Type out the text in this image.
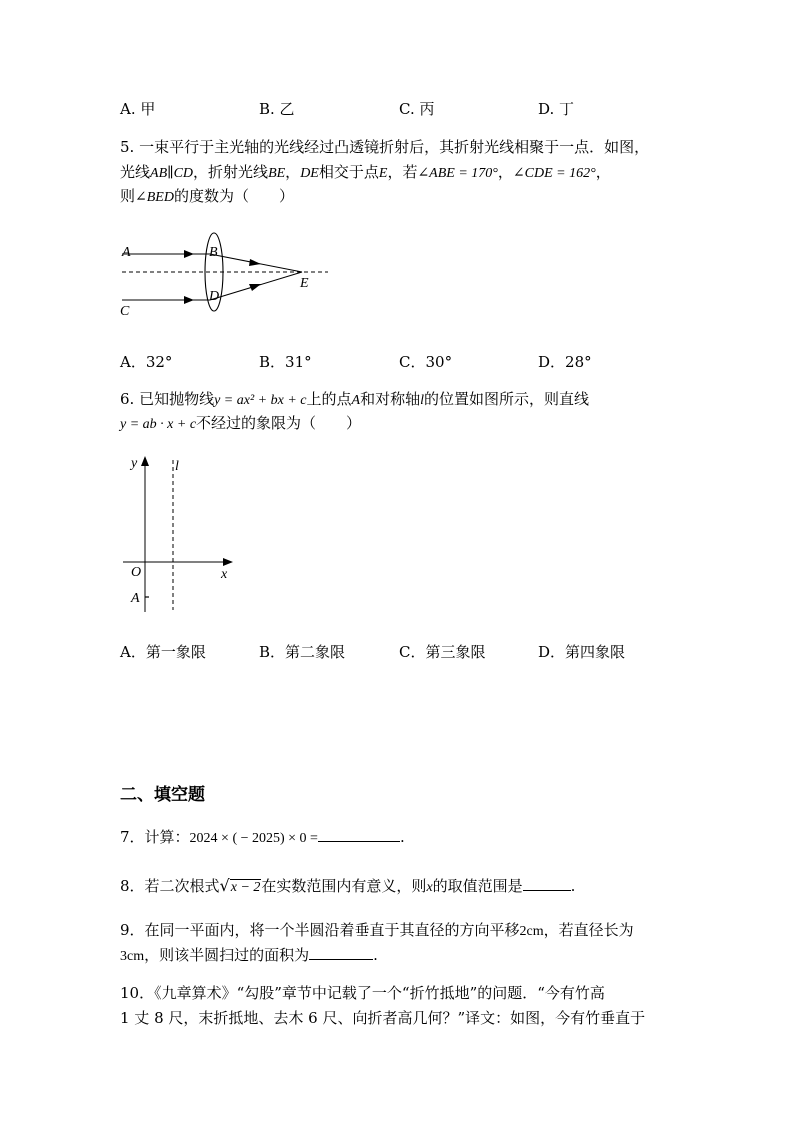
A. 甲	B. 乙	C. 丙	D. 丁
5. 一束平行于主光轴的光线经过凸透镜折射后，其折射光线相聚于一点．如图，
光线AB∥CD，折射光线BE，DE相交于点E，若∠ABE = 170°，∠CDE = 162°，
则∠BED的度数为（　　）
A	B
C
D
E
A．32°	B．31°	C．30°	D．28°
6. 已知抛物线y = ax² + bx + c上的点A和对称轴l的位置如图所示，则直线
y = ab · x + c不经过的象限为（　　）
y	l
O	x
A
A．第一象限	B．第二象限	C．第三象限	D．第四象限
二、填空题
7．计算：2024 × ( − 2025) × 0 =	.
8．若二次根式√x − 2在实数范围内有意义，则x的取值范围是	.
9．在同一平面内，将一个半圆沿着垂直于其直径的方向平移2cm，若直径长为
3cm，则该半圆扫过的面积为	.
10．《九章算术》“勾股”章节中记载了一个“折竹抵地”的问题．“今有竹高
1 丈 8 尺，末折抵地、去木 6 尺、向折者高几何？”译文：如图，今有竹垂直于
